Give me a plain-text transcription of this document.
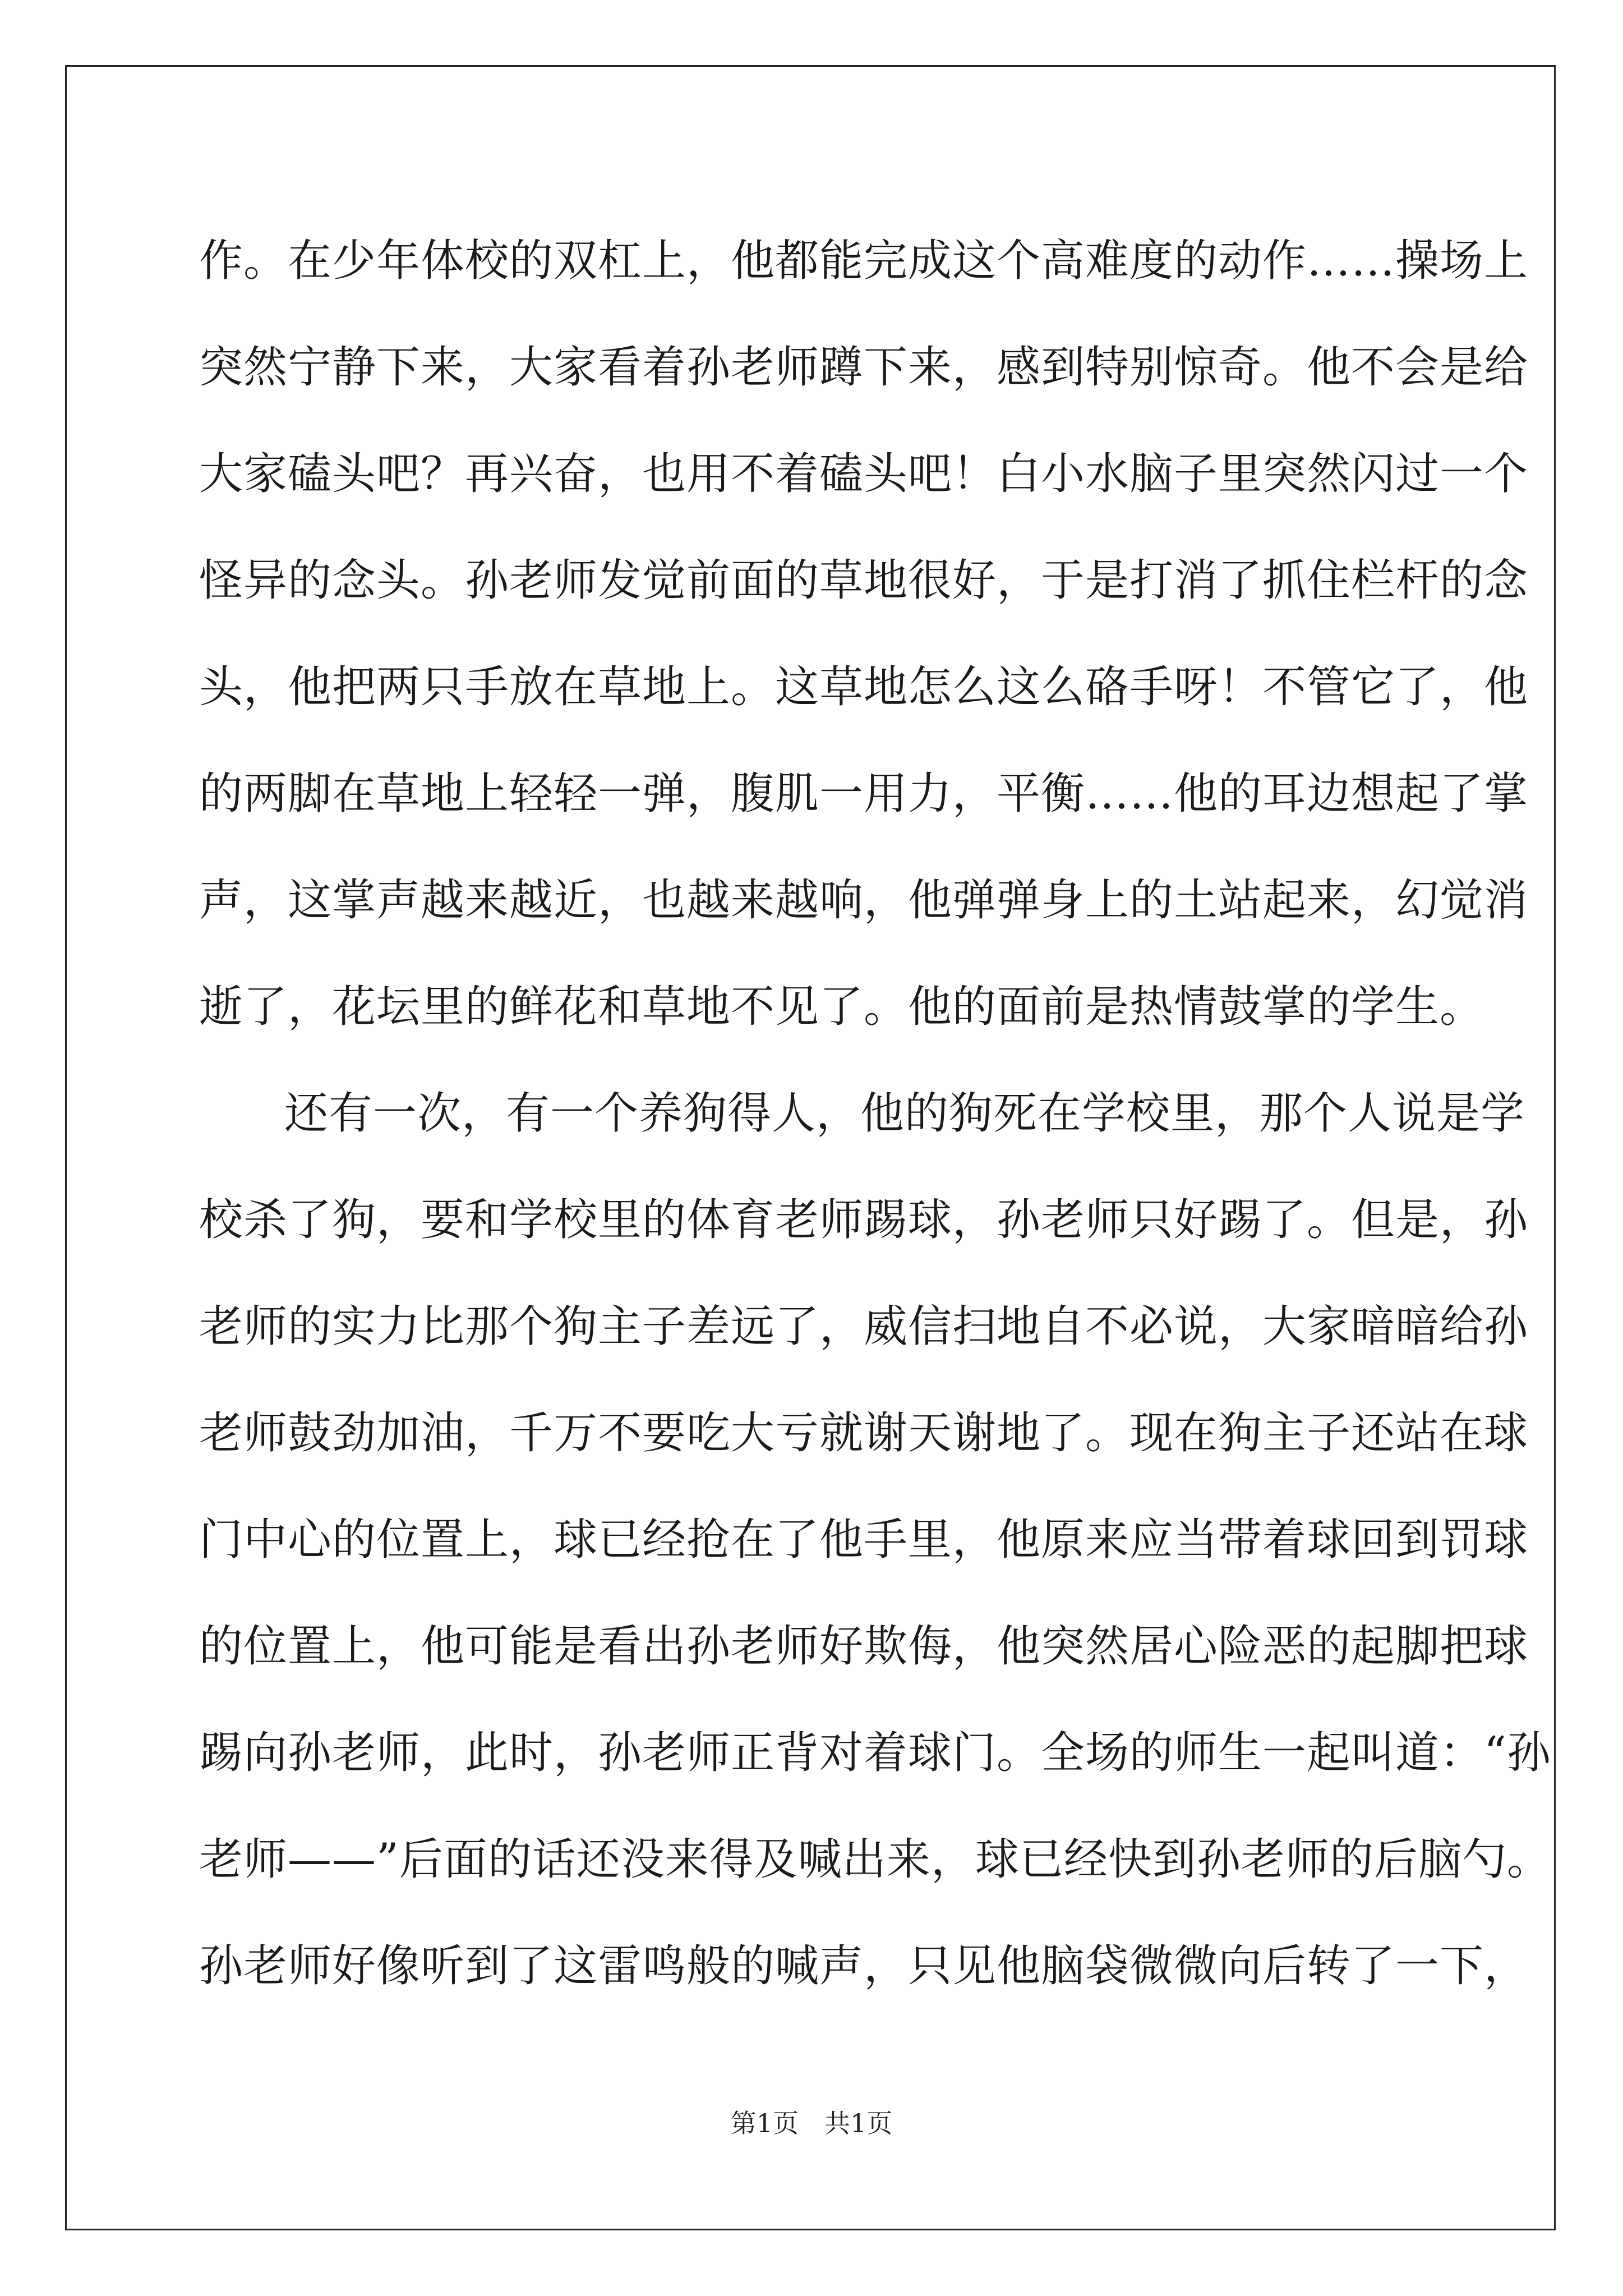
作。在少年体校的双杠上，他都能完成这个高难度的动作……操场上
突然宁静下来，大家看着孙老师蹲下来，感到特别惊奇。他不会是给
大家磕头吧？再兴奋，也用不着磕头吧！白小水脑子里突然闪过一个
怪异的念头。孙老师发觉前面的草地很好，于是打消了抓住栏杆的念
头，他把两只手放在草地上。这草地怎么这么硌手呀！不管它了，他
的两脚在草地上轻轻一弹，腹肌一用力，平衡……他的耳边想起了掌
声，这掌声越来越近，也越来越响，他弹弹身上的土站起来，幻觉消
逝了，花坛里的鲜花和草地不见了。他的面前是热情鼓掌的学生。
还有一次，有一个养狗得人，他的狗死在学校里，那个人说是学
校杀了狗，要和学校里的体育老师踢球，孙老师只好踢了。但是，孙
老师的实力比那个狗主子差远了，威信扫地自不必说，大家暗暗给孙
老师鼓劲加油，千万不要吃大亏就谢天谢地了。现在狗主子还站在球
门中心的位置上，球已经抢在了他手里，他原来应当带着球回到罚球
的位置上，他可能是看出孙老师好欺侮，他突然居心险恶的起脚把球
踢向孙老师，此时，孙老师正背对着球门。全场的师生一起叫道：“孙
老师——”后面的话还没来得及喊出来，球已经快到孙老师的后脑勺。
孙老师好像听到了这雷鸣般的喊声，只见他脑袋微微向后转了一下，
第1页　共1页
